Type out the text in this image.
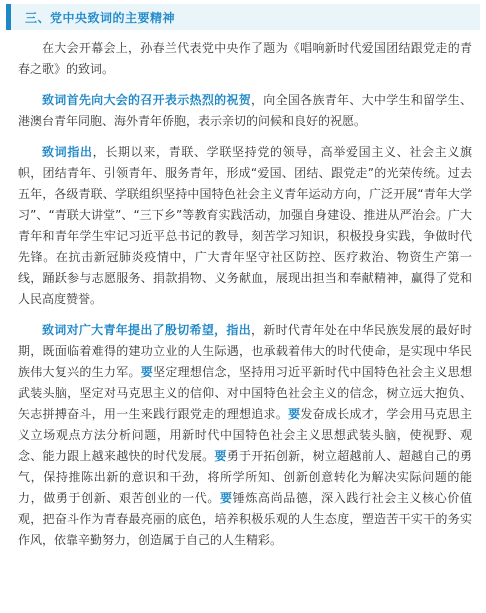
三、党中央致词的主要精神

在大会开幕会上，孙春兰代表党中央作了题为《唱响新时代爱国团结跟党走的青春之歌》的致词。

致词首先向大会的召开表示热烈的祝贺，向全国各族青年、大中学生和留学生、港澳台青年同胞、海外青年侨胞，表示亲切的问候和良好的祝愿。

致词指出，长期以来，青联、学联坚持党的领导，高举爱国主义、社会主义旗帜，团结青年、引领青年、服务青年，形成“爱国、团结、跟党走”的光荣传统。过去五年，各级青联、学联组织坚持中国特色社会主义青年运动方向，广泛开展“青年大学习”、“青联大讲堂”、“三下乡”等教育实践活动，加强自身建设、推进从严治会。广大青年和青年学生牢记习近平总书记的教导，刻苦学习知识，积极投身实践，争做时代先锋。在抗击新冠肺炎疫情中，广大青年坚守社区防控、医疗救治、物资生产第一线，踊跃参与志愿服务、捐款捐物、义务献血，展现出担当和奉献精神，赢得了党和人民高度赞誉。

致词对广大青年提出了殷切希望，指出，新时代青年处在中华民族发展的最好时期，既面临着难得的建功立业的人生际遇，也承载着伟大的时代使命，是实现中华民族伟大复兴的生力军。要坚定理想信念，坚持用习近平新时代中国特色社会主义思想武装头脑，坚定对马克思主义的信仰、对中国特色社会主义的信念，树立远大抱负、矢志拼搏奋斗，用一生来践行跟党走的理想追求。要发奋成长成才，学会用马克思主义立场观点方法分析问题，用新时代中国特色社会主义思想武装头脑，使视野、观念、能力跟上越来越快的时代发展。要勇于开拓创新，树立超越前人、超越自己的勇气，保持推陈出新的意识和干劲，将所学所知、创新创意转化为解决实际问题的能力，做勇于创新、艰苦创业的一代。要锤炼高尚品德，深入践行社会主义核心价值观，把奋斗作为青春最亮丽的底色，培养积极乐观的人生态度，塑造苦干实干的务实作风，依靠辛勤努力，创造属于自己的人生精彩。
